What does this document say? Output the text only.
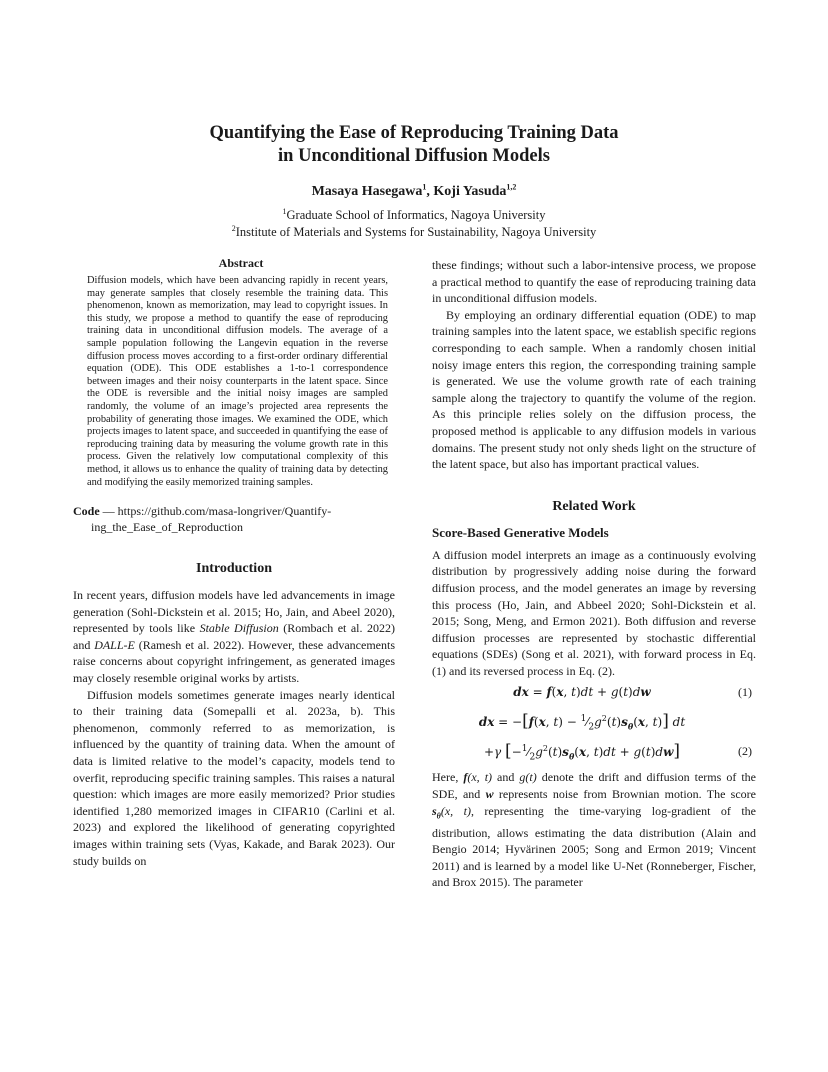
Quantifying the Ease of Reproducing Training Data
in Unconditional Diffusion Models
Masaya Hasegawa$^1$, Koji Yasuda$^{1,2}$
$^1$Graduate School of Informatics, Nagoya University
$^2$Institute of Materials and Systems for Sustainability, Nagoya University
Abstract

Diffusion models, which have been advancing rapidly in recent years, may generate samples that closely resemble the training data. This phenomenon, known as memorization, may lead to copyright issues. In this study, we propose a method to quantify the ease of reproducing training data in unconditional diffusion models. The average of a sample population following the Langevin equation in the reverse diffusion process moves according to a first-order ordinary differential equation (ODE). This ODE establishes a 1-to-1 correspondence between images and their noisy counterparts in the latent space. Since the ODE is reversible and the initial noisy images are sampled randomly, the volume of an image’s projected area represents the probability of generating those images. We examined the ODE, which projects images to latent space, and succeeded in quantifying the ease of reproducing training data by measuring the volume growth rate in this process. Given the relatively low computational complexity of this method, it allows us to enhance the quality of training data by detecting and modifying the easily memorized training samples.

Code — https://github.com/masa-longriver/Quantify-
ing_the_Ease_of_Reproduction
Introduction

In recent years, diffusion models have led advancements in image generation (Sohl-Dickstein et al. 2015; Ho, Jain, and Abeel 2020), represented by tools like Stable Diffusion (Rombach et al. 2022) and DALL-E (Ramesh et al. 2022). However, these advancements raise concerns about copyright infringement, as generated images may closely resemble original works by artists.

Diffusion models sometimes generate images nearly identical to their training data (Somepalli et al. 2023a, b). This phenomenon, commonly referred to as memorization, is influenced by the quantity of training data. When the amount of data is limited relative to the model’s capacity, models tend to overfit, reproducing specific training samples. This raises a natural question: which images are more easily memorized? Prior studies identified 1,280 memorized images in CIFAR10 (Carlini et al. 2023) and explored the likelihood of generating copyrighted images within training sets (Vyas, Kakade, and Barak 2023). Our study builds on

these findings; without such a labor-intensive process, we propose a practical method to quantify the ease of reproducing training data in unconditional diffusion models.

By employing an ordinary differential equation (ODE) to map training samples into the latent space, we establish specific regions corresponding to each sample. When a randomly chosen initial noisy image enters this region, the corresponding training sample is generated. We use the volume growth rate of each training sample along the trajectory to quantify the volume of the region. As this principle relies solely on the diffusion process, the proposed method is applicable to any diffusion models in various domains. The present study not only sheds light on the structure of the latent space, but also has important practical values.

Related Work
Score-Based Generative Models

A diffusion model interprets an image as a continuously evolving distribution by progressively adding noise during the forward diffusion process, and the model generates an image by reversing this process (Ho, Jain, and Abbeel 2020; Sohl-Dickstein et al. 2015; Song, Meng, and Ermon 2021). Both diffusion and reverse diffusion processes are represented by stochastic differential equations (SDEs) (Song et al. 2021), with forward process in Eq. (1) and its reversed process in Eq. (2).

dx = f(x, t)dt + g(t)dw	(1)
dx = −[f(x, $t) - ^1⁄_2g^2(t)s_\theta(x$, t)] dt
+γ [$-^1⁄_2g^2(t)s_\theta(x$, t)dt + g(t)dw]	(2)

Here, f(x, t) and g(t) denote the drift and diffusion terms of the SDE, and w represents noise from Brownian motion. The score $s_\theta(x$, t), representing the time-varying log-gradient of the distribution, allows estimating the data distribution (Alain and Bengio 2014; Hyvärinen 2005; Song and Ermon 2019; Vincent 2011) and is learned by a model like U-Net (Ronneberger, Fischer, and Brox 2015). The parameter
